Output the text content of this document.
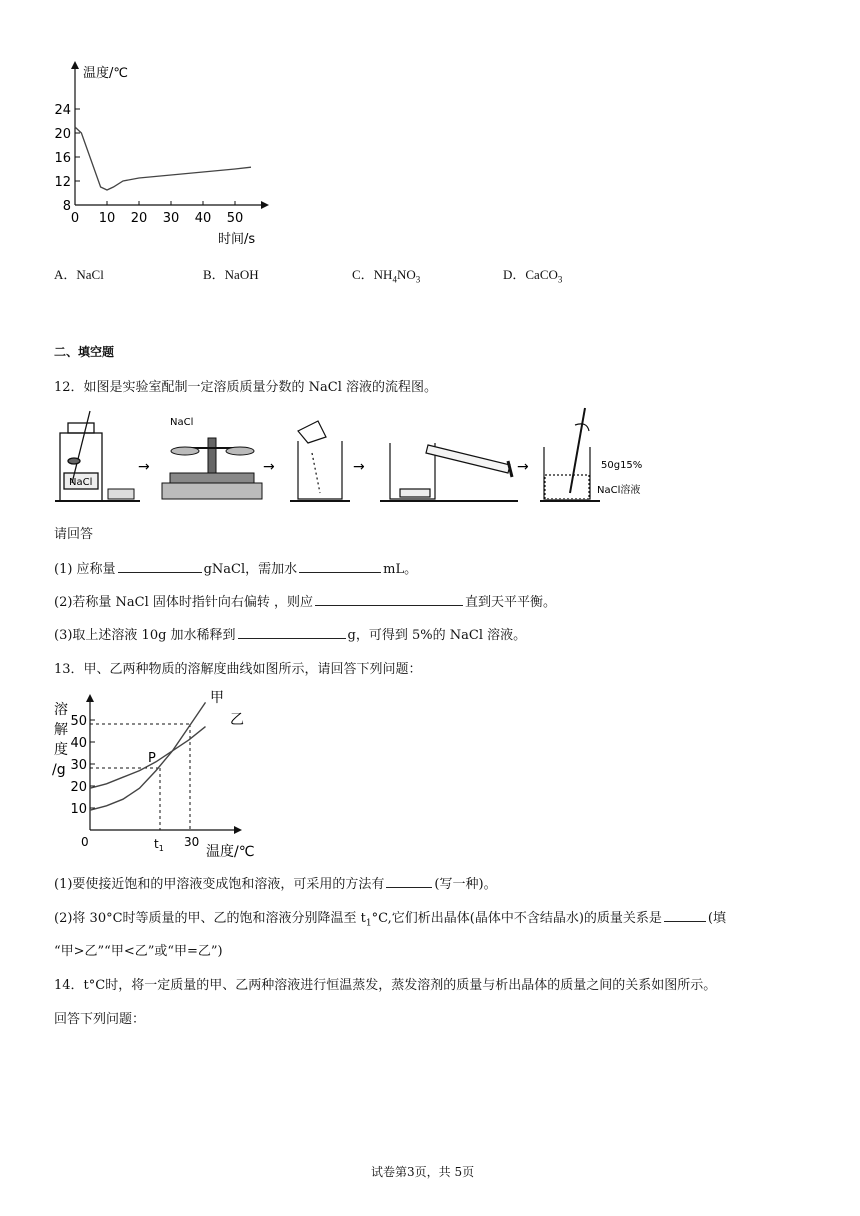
24
20
16
12
8
0 10 20 30 40 50
温度/℃
时间/s
A．NaCl	B．NaOH	C．$NH_4NO_3$	D．CaCO$_3$
二、填空题
12．如图是实验室配制一定溶质质量分数的 NaCl 溶液的流程图。
NaCl
→	→	→	→
NaCl
50g15%
NaCl溶液
请回答
(1) 应称量	gNaCl，需加水	mL。
(2)若称量 NaCl 固体时指针向右偏转 ，则应	直到天平平衡。
(3)取上述溶液 10g 加水稀释到	g，可得到 5%的 NaCl 溶液。
13．甲、乙两种物质的溶解度曲线如图所示，请回答下列问题：
溶
解
度
/g
50
40
30
20
10
甲
乙
P
0	$t_1$ 30
温度/℃
(1)要使接近饱和的甲溶液变成饱和溶液，可采用的方法有	(写一种)。
(2)将 30°C时等质量的甲、乙的饱和溶液分别降温至 $t_1^\circ C$,它们析出晶体(晶体中不含结晶水)的质量关系是	(填
“甲>乙”“甲<乙”或“甲=乙”)
14．t°C时，将一定质量的甲、乙两种溶液进行恒温蒸发，蒸发溶剂的质量与析出晶体的质量之间的关系如图所示。
回答下列问题：
试卷第3页，共 5页
